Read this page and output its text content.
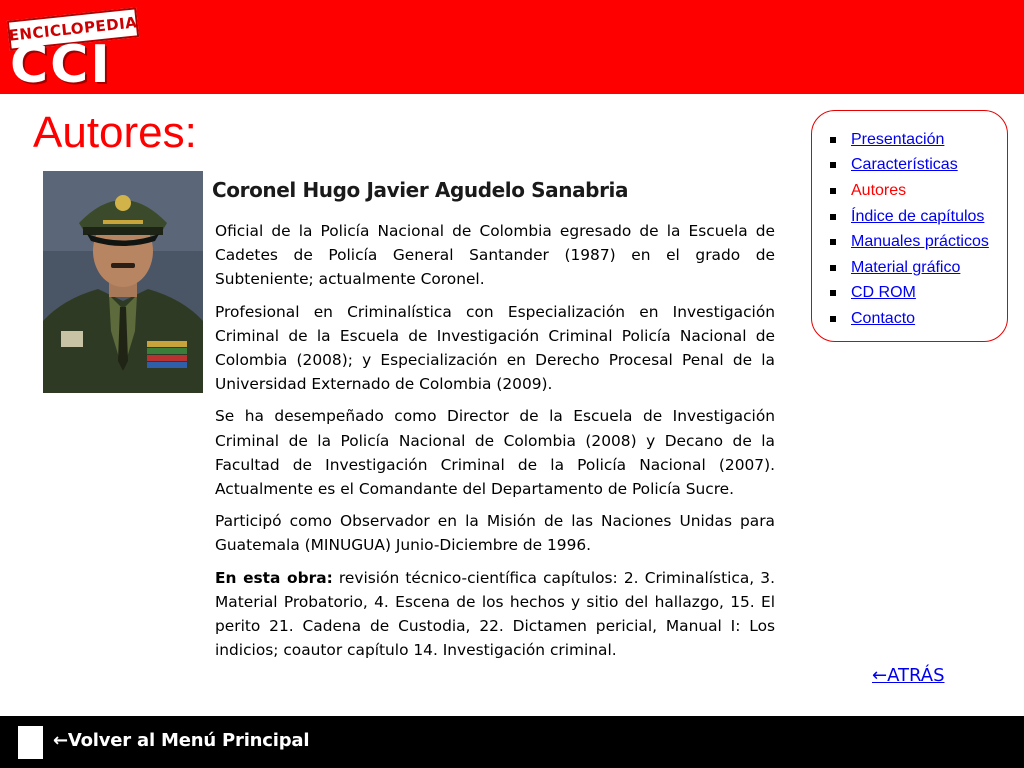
ENCICLOPEDIA
CCI
Autores:
Coronel Hugo Javier Agudelo Sanabria

Oficial de la Policía Nacional de Colombia egresado de la Escuela de Cadetes de Policía General Santander (1987) en el grado de Subteniente; actualmente Coronel.

Profesional en Criminalística con Especialización en Investigación Criminal de la Escuela de Investigación Criminal Policía Nacional de Colombia (2008); y Especialización en Derecho Procesal Penal de la Universidad Externado de Colombia (2009).

Se ha desempeñado como Director de la Escuela de Investigación Criminal de la Policía Nacional de Colombia (2008) y Decano de la Facultad de Investigación Criminal de la Policía Nacional (2007). Actualmente es el Comandante del Departamento de Policía Sucre.

Participó como Observador en la Misión de las Naciones Unidas para Guatemala (MINUGUA) Junio-Diciembre de 1996.

En esta obra: revisión técnico-científica capítulos: 2. Criminalística, 3. Material Probatorio, 4. Escena de los hechos y sitio del hallazgo, 15. El perito 21. Cadena de Custodia, 22. Dictamen pericial, Manual I: Los indicios; coautor capítulo 14. Investigación criminal.

Presentación
Características
Autores
Índice de capítulos
Manuales prácticos
Material gráfico
CD ROM
Contacto
←ATRÁS
←Volver al Menú Principal
